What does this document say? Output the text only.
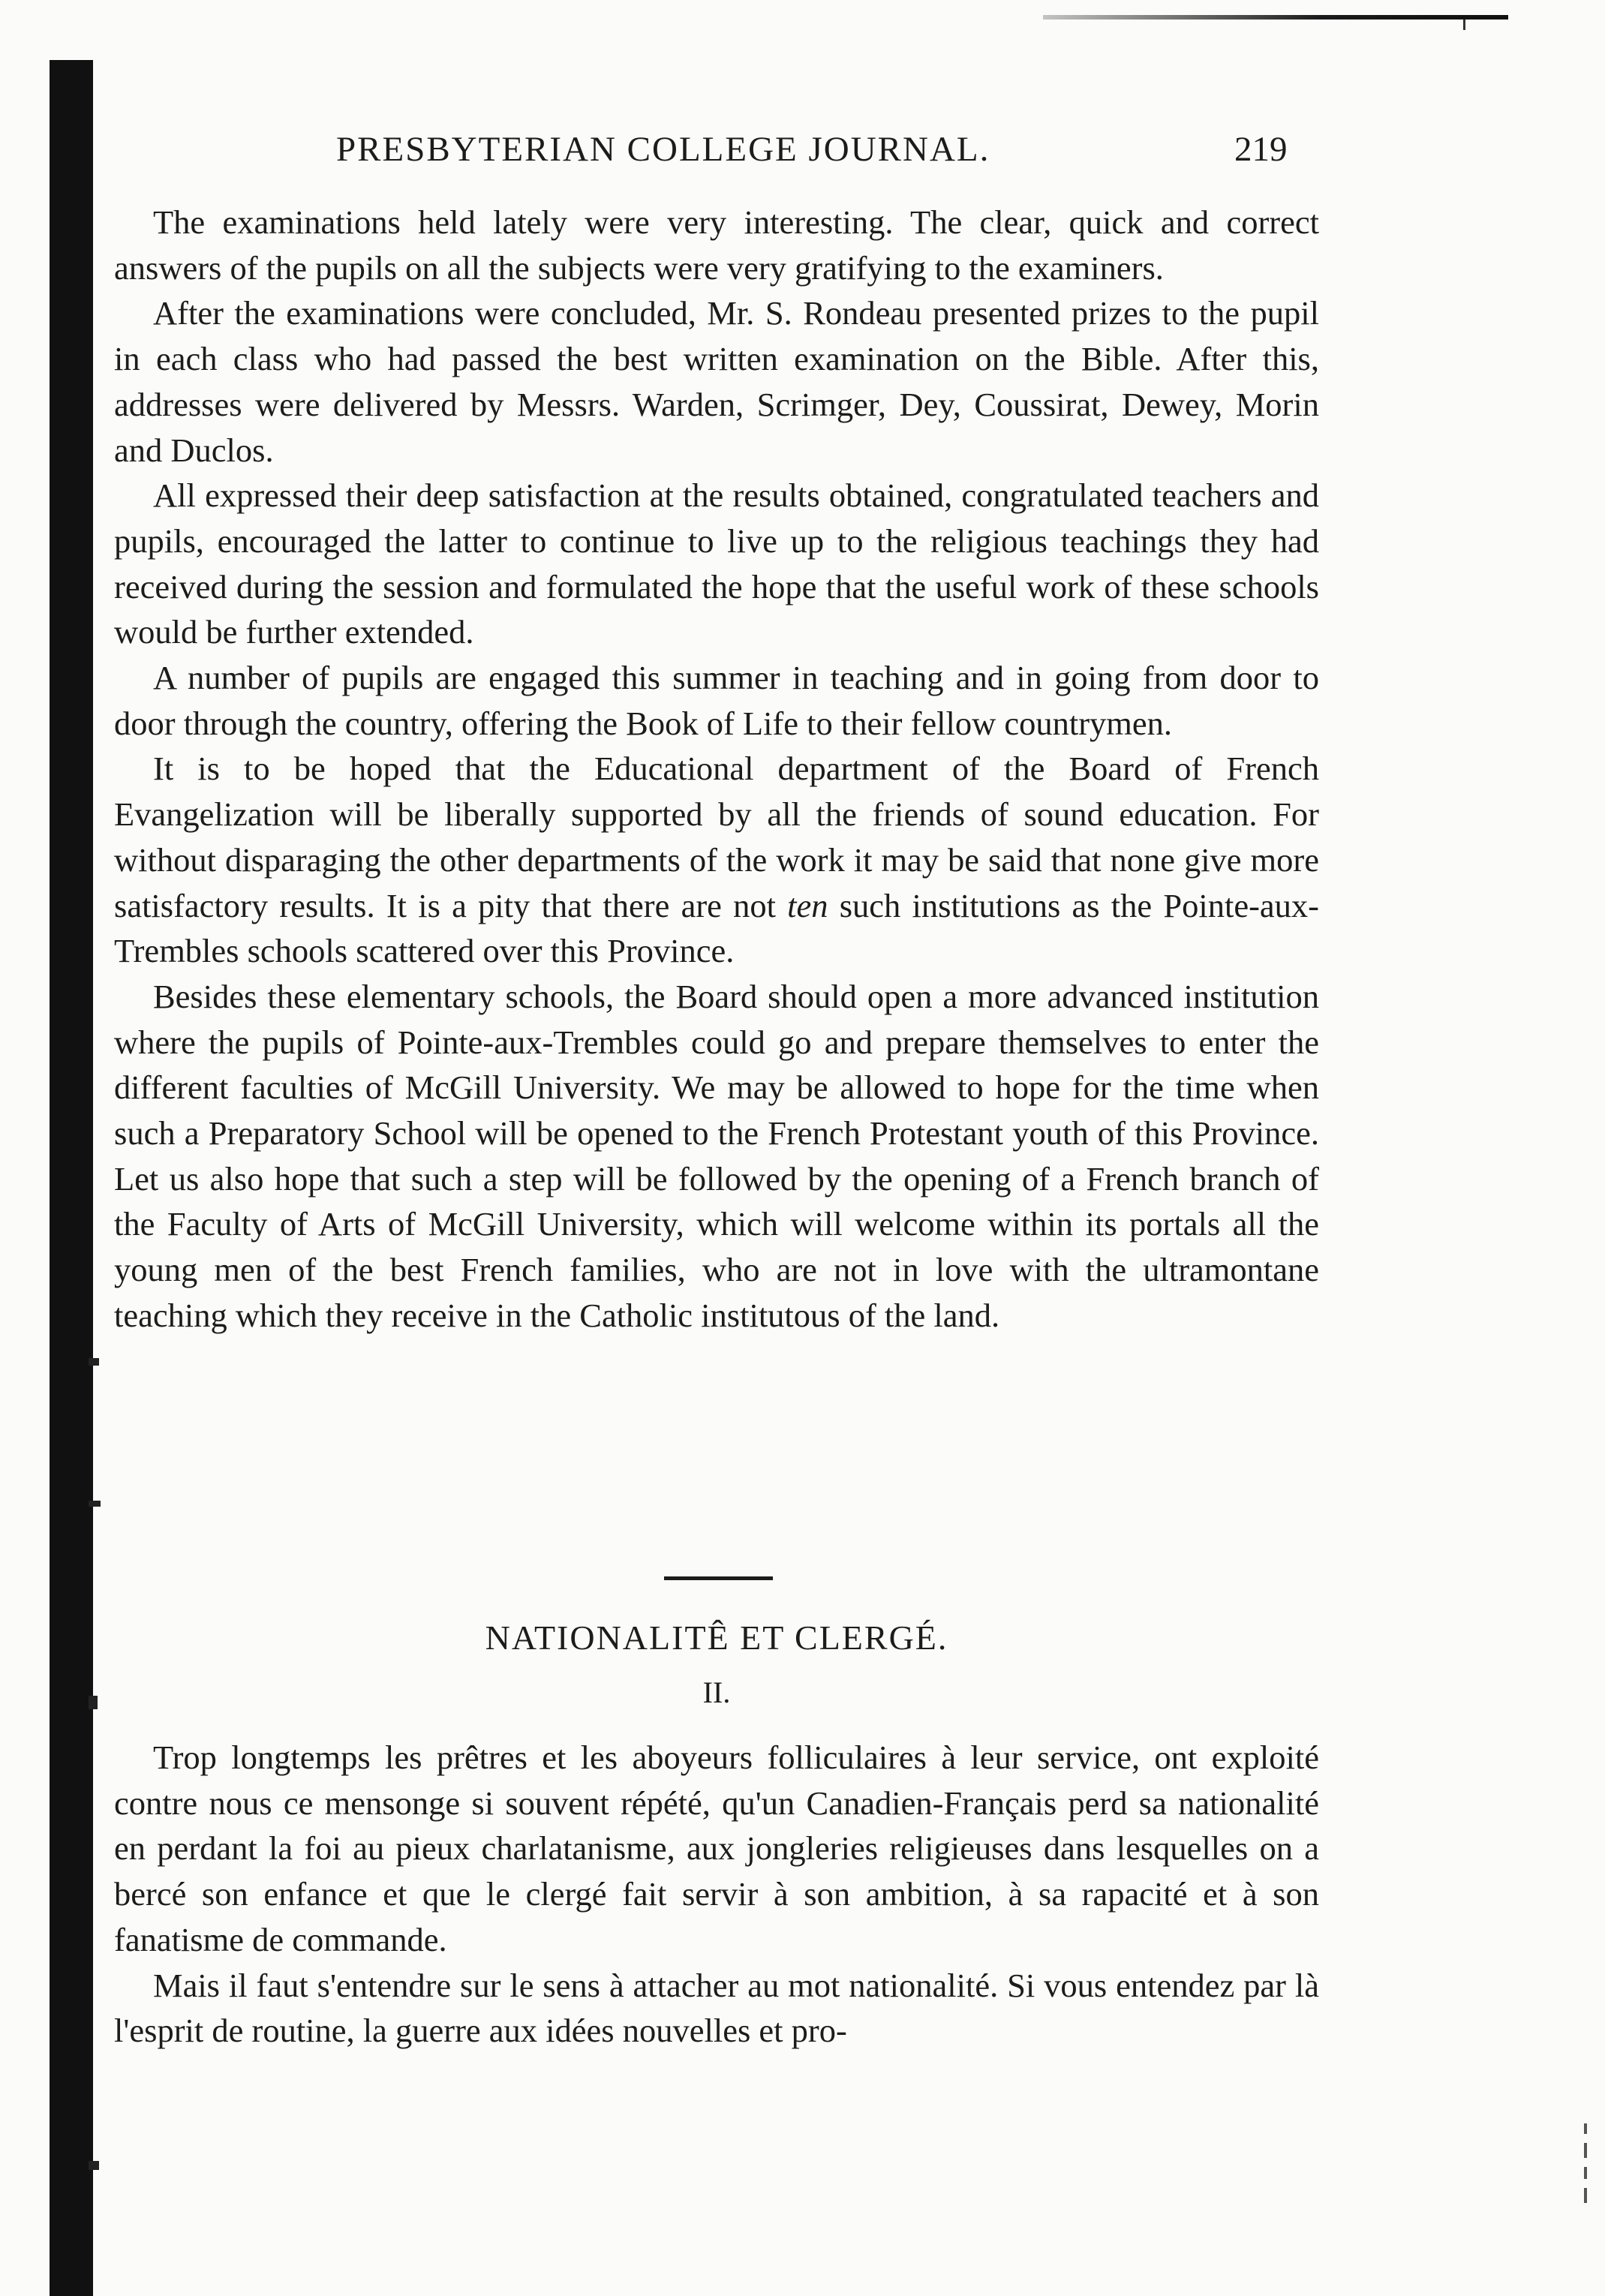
PRESBYTERIAN COLLEGE JOURNAL.	219

The examinations held lately were very interesting. The clear, quick and correct answers of the pupils on all the subjects were very gratifying to the examiners.

After the examinations were concluded, Mr. S. Rondeau presented prizes to the pupil in each class who had passed the best written examination on the Bible. After this, addresses were delivered by Messrs. Warden, Scrimger, Dey, Coussirat, Dewey, Morin and Duclos.

All expressed their deep satisfaction at the results obtained, congratulated teachers and pupils, encouraged the latter to continue to live up to the religious teachings they had received during the session and formulated the hope that the useful work of these schools would be further extended.

A number of pupils are engaged this summer in teaching and in going from door to door through the country, offering the Book of Life to their fellow countrymen.

It is to be hoped that the Educational department of the Board of French Evangelization will be liberally supported by all the friends of sound education. For without disparaging the other departments of the work it may be said that none give more satisfactory results. It is a pity that there are not ten such institutions as the Pointe-aux-Trembles schools scattered over this Province.

Besides these elementary schools, the Board should open a more advanced institution where the pupils of Pointe-aux-Trembles could go and prepare themselves to enter the different faculties of McGill University. We may be allowed to hope for the time when such a Preparatory School will be opened to the French Protestant youth of this Province. Let us also hope that such a step will be followed by the opening of a French branch of the Faculty of Arts of McGill University, which will welcome within its portals all the young men of the best French families, who are not in love with the ultramontane teaching which they receive in the Catholic institutous of the land.

NATIONALITÊ ET CLERGÉ.
II.

Trop longtemps les prêtres et les aboyeurs folliculaires à leur service, ont exploité contre nous ce mensonge si souvent répété, qu'un Canadien-Français perd sa nationalité en perdant la foi au pieux charlatanisme, aux jongleries religieuses dans lesquelles on a bercé son enfance et que le clergé fait servir à son ambition, à sa rapacité et à son fanatisme de commande.

Mais il faut s'entendre sur le sens à attacher au mot nationalité. Si vous entendez par là l'esprit de routine, la guerre aux idées nouvelles et pro-
